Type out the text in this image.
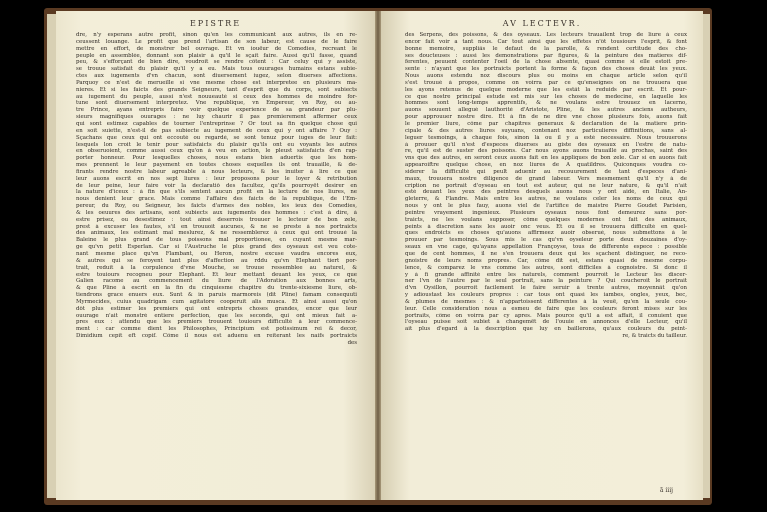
EPISTRE
dre, n'y esperans autre profit, sinon qu'en les communicant aux autres, ils en re-
ceussent louange. Le profit que prend l'artisan de son labeur, est cause de le faire
mettre en effort, de monstrer bel ouvrage. Et vn iouëur de Comedies, recreant le
peuple en assemblée, donnant son plaisir à qu'il le sçait faire. Aussi qu'il fasse, quand
peu, & s'efforçant de bien dire, voudroit se rendre côtent : Car celuy qui y assiste,
se trouue satisfait du plaisir qu'il y a eu. Mais tous ouurages humains estans subie-
ctes aux iugements d'vn chacun, sont diuersement iugez, selon diuerses affections.
Parquoy ce n'est de merueille si vne mesme chose est interpretee en plusieurs ma-
nieres. Et si les faicts des grands Seigneurs, tant d'esprit que du corps, sont subiects
au iugement du peuple, aussi n'est nouueauté si ceux des hommes de moindre for-
tune sont diuersement interpretez. Vne republique, vn Empereur, vn Roy, ou au-
tre Prince, ayans entrepris faire voir quelque experience de sa grandeur par plu-
sieurs magnifiques ouurages : ne luy chaurir il pas premierement affermer ceux
qui sont estimez capables de tourner l'entreprinse ? Or tout sa fin quelque chose qui
en soit suiette, n'est-il de pas subiecte au iugement de ceux qui y ont affaire ? Ouy :
Sçachans que ceux qui ont eccouté ou regardé, se sont tenuz pour iuges de leur fait:
lesquels lon croit le tenir pour satisfaicts du plaisir qu'ils ont eu voyants les autres
en obseruoient, comme aussi ceux qu'on à veu en action, le pleust satisfaicts d'en rap-
porter honneur. Pour lesquelles choses, nous estans bien aduertis que les hom-
mes prennent le leur payement en toutes choses esquelles ils ont trauaillé, & de-
firants rendre nostre labeur agreable à nous lecteurs, & les inuiter à lire ce que
leur auons escrit en nos sept liures : leur proposons pour le loyer & retribution
de leur peine, leur faire voir la declaratiõ des facultez, qu'ils pourroyët desirer en
la nature d'iceux : à fin que s'ils sentent aucun profit en la lecture de nos liures, ne
nous denient leur grace. Mais comme l'affaire des faicts de la republique, de l'Em-
pereur, du Roy, ou Seigneur, les faicts d'armes des nobles, les ieux des Comedies,
& les oeuures des artisans, sont subiects aux iugements des hommes : c'est à dire, à
estre prisez, ou desestimez : tout ainsi deserrois trouuer le lecteur de bon zele,
prest à excuser les fautes, s'il en trouuoit aucunes, & ne se preste à nos portraicts
des animaux, les estimant mal meslurez, & ne ressemblerez à ceux qui ont trouué la
Baleine le plus grand de tous poissons mal proportionee, en cuyant mesme mar-
ge qu'vn petit Esperlan. Car si l'Austruche le plus grand des oyseaux est veu cote-
nant mesme place qu'vn Flambant, ou Heron, nostre excuse vaudra encores eux,
& autres qui se feroyent tant plus d'affection au rddu qu'vn Elephant tiert por-
trait, reduit à la corpulence d'vne Mouche, se trouue ressemblee au naturel, &
estre touiours recogneu pour Elephant. Et leur mettant deuant les yeux, ce que
Galien racome au commencement du liure de l'Adoration aux bonnes arts,
& que Pline à escrit en la fin du cinquiesme chapitre du trente-sixiesme liure, ob-
tiendrons grace enuers eux. Sunt & in paruis marmoreis (dit Pline) famam consequuti
Myrmecides, cuius quadrigam cum agitatore cooperuit alis musca. Et ainsi aussi qu'on
dôt plus estimer les premiers qui ont entrepris choses grandes, encor que leur
ouurage n'ait monstré entiere perfection, que les seconds, qui ont mieux fait a-
pres eux : attendu que les premiers trouuent touiours difficulté à leur commence-
ment : car comme dient les Philosophes, Principium est potissimum rei & decor,
Dimidium cepit eft copif. Côme il nous est aduenu en reiterant les naifs portraicts
des
AV LECTEVR.
des Serpens, des poissons, & des oyseaux. Les lecteurs trauailent trop de liure à ceux
encor fait voir a tant nous. Car tout ainsi que les effetes n'ôt tousiours l'esprit, & font
bonne memoire, suppliâs le defaut de la parolle, & rendent certitude des cho-
ses doucteuses : aussi les demonstrations par figures, & la peinture des matieres dif-
ferentes, peuuent contenter l'oeil de la chose absente, quasi comme si elle estoit pre-
sente : n'ayant que les portraicts portent la forme & façon des choses deuât les yeux.
Nous auons estendu noz discours plus ou moins en chaque article selon qu'il
s'est trouué à propos, comme on voirra par ce qu'enseignes on ne trouuera que
les ayons retenus de quelque moderne que les estât la reduids par escrit. Et pour-
ce que nostre principal estude est mis sur les choses de medecine, en laquelle les
hommes sont long-temps apprentifs, & ne voulans estre trouuez en lacerno,
auons souuent allegué lauthorité d'Aristote, Pline, & les autres anciens autheurs,
pour approuuer nostre dire. Et à fin de ne dire vne chose plusieurs fois, auons fait
le premier liure, côme par chapitres generaux & declaration de la matiere prin-
cipale & des autres liures suyuans, contenant noz particulieres diffinitions, sans al-
leguer tesmoings, à chaque fois, sinon là ou il y a esté necessaire. Nous trouuerons
à prouuer qu'il n'est d'especes diuerses au giste des oyseaux en l'estre de natu-
re, qu'il est de suster des poissons. Car nous ayons auons trauaillé au prochas, saint des
vns que des autres, en seront ceux auons fait en les appliques de bon zele. Car si en auons fait
appearoiftre quelque chose, en noz liures de A quatildres. Quiconques voudra co-
siderer la difficulté qui peult aduenir au recouurement de tant d'especes d'ani-
maux, trouuera nostre diligence de grand labeur. Vers mesmement qu'il n'y à de
cription ne portrait d'oyseau en tout est auteur, qui ne leur nature, & qu'il n'ait
esté deuant les yeux des peintres desquels auons nous y ont aidé, en Italie, An-
gleterre, & Flandre. Mais entre les autres, ne voulans celer les noms de ceux qui
nous y ont le plus fauy, auons viel de l'artifice de maistre Pierre Goudet Parisien,
peintre vrayement ingenieux. Plusieurs oyseaux nous font demeurez sans por-
traicts, ne les voulans supposer, côme quelques modernes ont fait des animaux,
peints à discretion sans les auoir onc veus. Et ou il se trouuera difficulté en quel-
ques endroicts es choses qu'auons affirmeez auoir obserué, nous submettons à le
prouuer par tesmoings. Sous mis le cas qu'vn oyseleur porte deux douzaines d'oy-
seaux en vne cage, qu'ayans appellation Françoyse, tous de differente espece : possible
que de cent hommes, il ne s'en trouuera deux qui les sçachent distinguer, ne reco-
gnoistre de leurs noms propres. Car, côme dit est, estans quasi de mesme corpu-
lence, & comparez le vns comme les autres, sont difficiles à cognoistre. Si donc il
y à fi grande affinité entre les naturels, comment pourroit le Lecteur les discer-
ner l'vn de l'autre par le seul portrait, sans la peinture ? Qui coucheroit le portrait
d'vn Oysillon, pourroit facilement le faire seruir à trente autres, moyennât qu'on
y adioustast les couleurs propres : car tous ont quasi les iambes, ongles, yeux, bec,
& plumes de mesmes : & n'appartoissent differentes à la veuë, qu'en la seule cou-
leur. Celle consideration nous a esmeu de faire que les couleurs feront mises sur les
portraits, côme on voirra par cy apres. Mais pource qu'il a est affait, il conuient que
l'oyseau puisse soit subiet à changemët de l'ouuie en annonces d'elle Lecteur, qu'il
ait plus d'egard à la description que luy en baillerons, qu'aux couleurs du peint-
re, & traicts du tailleur.
ã iiij
